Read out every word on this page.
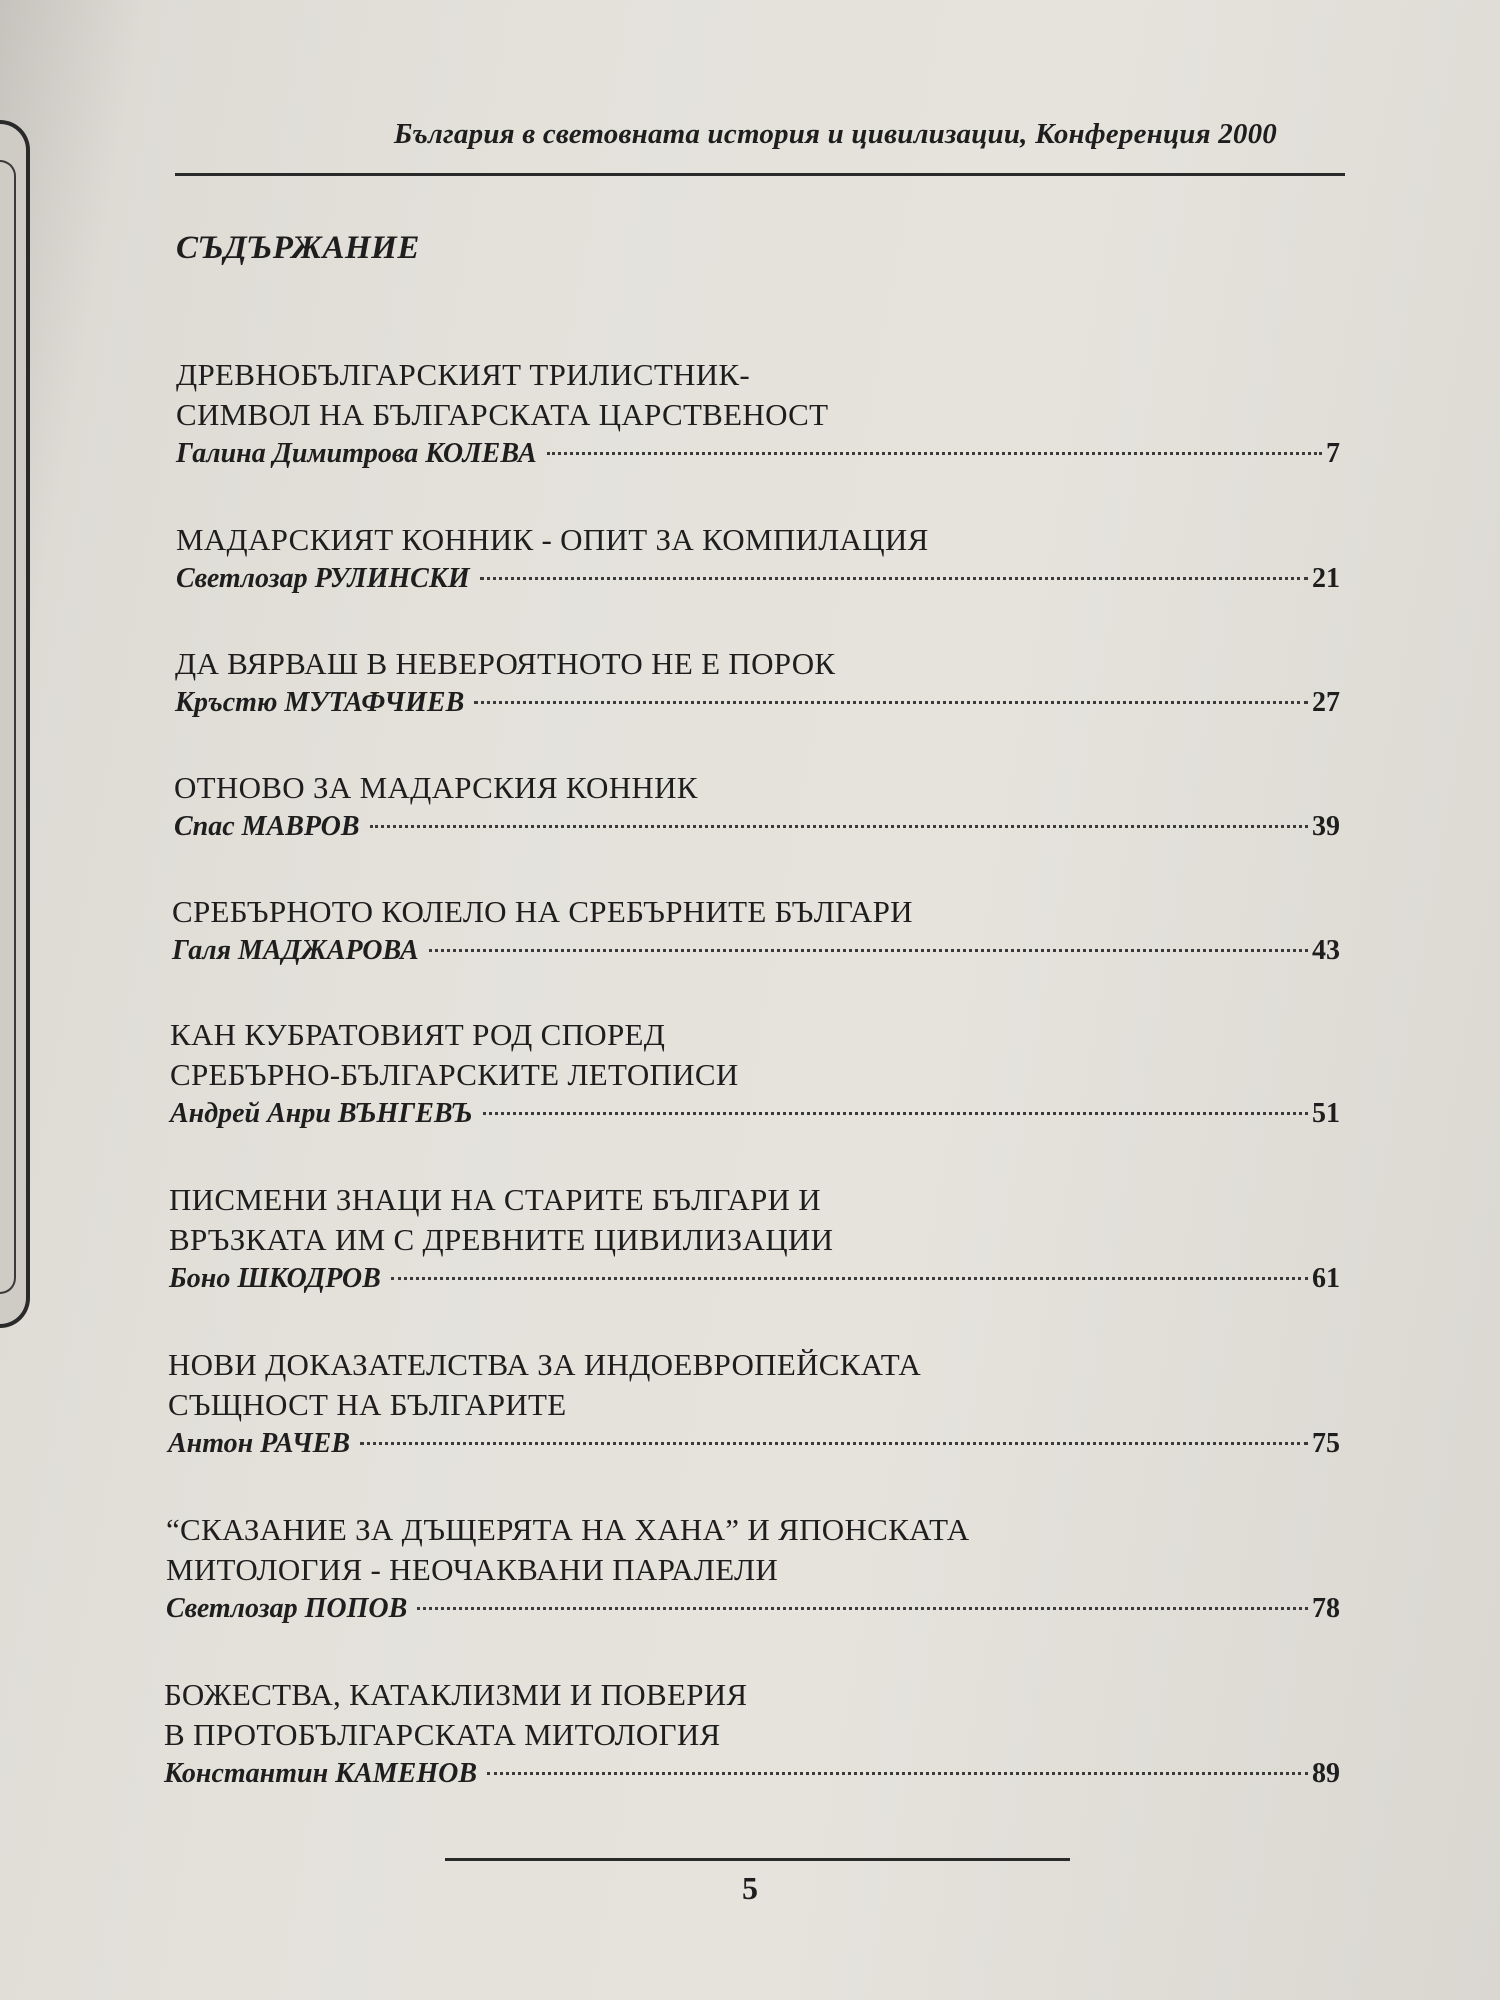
България в световната история и цивилизации, Конференция 2000
СЪДЪРЖАНИЕ
ДРЕВНОБЪЛГАРСКИЯТ ТРИЛИСТНИК-
СИМВОЛ НА БЪЛГАРСКАТА ЦАРСТВЕНОСТ
Галина Димитрова КОЛЕВА	7
МАДАРСКИЯТ КОННИК - ОПИТ ЗА КОМПИЛАЦИЯ
Светлозар РУЛИНСКИ	21
ДА ВЯРВАШ В НЕВЕРОЯТНОТО НЕ Е ПОРОК
Кръстю МУТАФЧИЕВ	27
ОТНОВО ЗА МАДАРСКИЯ КОННИК
Спас МАВРОВ	39
СРЕБЪРНОТО КОЛЕЛО НА СРЕБЪРНИТЕ БЪЛГАРИ
Галя МАДЖАРОВА	43
КАН КУБРАТОВИЯТ РОД СПОРЕД
СРЕБЪРНО-БЪЛГАРСКИТЕ ЛЕТОПИСИ
Андрей Анри ВЪНГЕВЪ	51
ПИСМЕНИ ЗНАЦИ НА СТАРИТЕ БЪЛГАРИ И
ВРЪЗКАТА ИМ С ДРЕВНИТЕ ЦИВИЛИЗАЦИИ
Боно ШКОДРОВ	61
НОВИ ДОКАЗАТЕЛСТВА ЗА ИНДОЕВРОПЕЙСКАТА
СЪЩНОСТ НА БЪЛГАРИТЕ
Антон РАЧЕВ	75
“СКАЗАНИЕ ЗА ДЪЩЕРЯТА НА ХАНА” И ЯПОНСКАТА
МИТОЛОГИЯ - НЕОЧАКВАНИ ПАРАЛЕЛИ
Светлозар ПОПОВ	78
БОЖЕСТВА, КАТАКЛИЗМИ И ПОВЕРИЯ
В ПРОТОБЪЛГАРСКАТА МИТОЛОГИЯ
Константин КАМЕНОВ	89
5
